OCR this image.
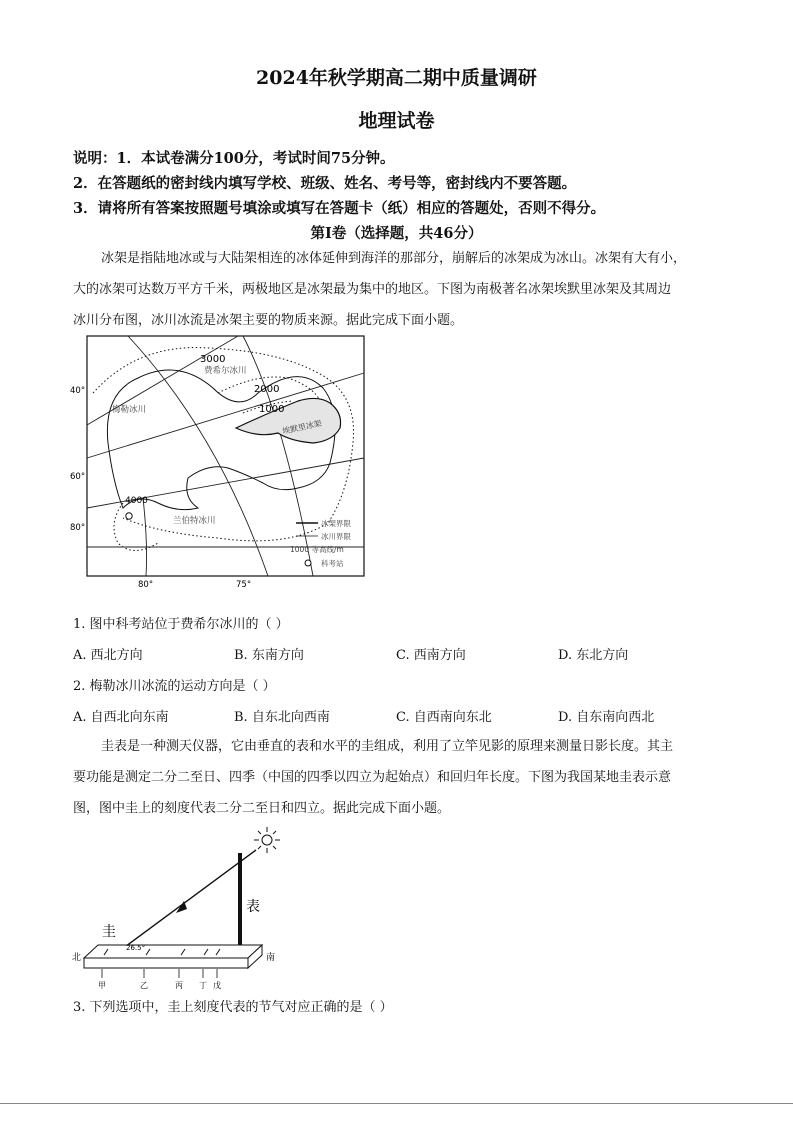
2024年秋学期高二期中质量调研
地理试卷
说明：1．本试卷满分100分，考试时间75分钟。
2．在答题纸的密封线内填写学校、班级、姓名、考号等，密封线内不要答题。
3．请将所有答案按照题号填涂或填写在答题卡（纸）相应的答题处，否则不得分。
第Ⅰ卷（选择题，共46分）
冰架是指陆地冰或与大陆架相连的冰体延伸到海洋的那部分，崩解后的冰架成为冰山。冰架有大有小，
大的冰架可达数万平方千米，两极地区是冰架最为集中的地区。下图为南极著名冰架埃默里冰架及其周边
冰川分布图，冰川冰流是冰架主要的物质来源。据此完成下面小题。
3000
费希尔冰川
2000
1000
梅勒冰川
埃默里冰架
4000
兰伯特冰川
40°
60°
80°
80°	75°
冰架界限
冰川界限
1000 等高线/m
科考站
1. 图中科考站位于费希尔冰川的（ ）
A. 西北方向	B. 东南方向	C. 西南方向	D. 东北方向
2. 梅勒冰川冰流的运动方向是（ ）
A. 自西北向东南	B. 自东北向西南	C. 自西南向东北	D. 自东南向西北
圭表是一种测天仪器，它由垂直的表和水平的圭组成，利用了立竿见影的原理来测量日影长度。其主
要功能是测定二分二至日、四季（中国的四季以四立为起始点）和回归年长度。下图为我国某地圭表示意
图，图中圭上的刻度代表二分二至日和四立。据此完成下面小题。
表
圭
北	南
26.5°
甲	乙	丙 丁 戊
3. 下列选项中，圭上刻度代表的节气对应正确的是（ ）
